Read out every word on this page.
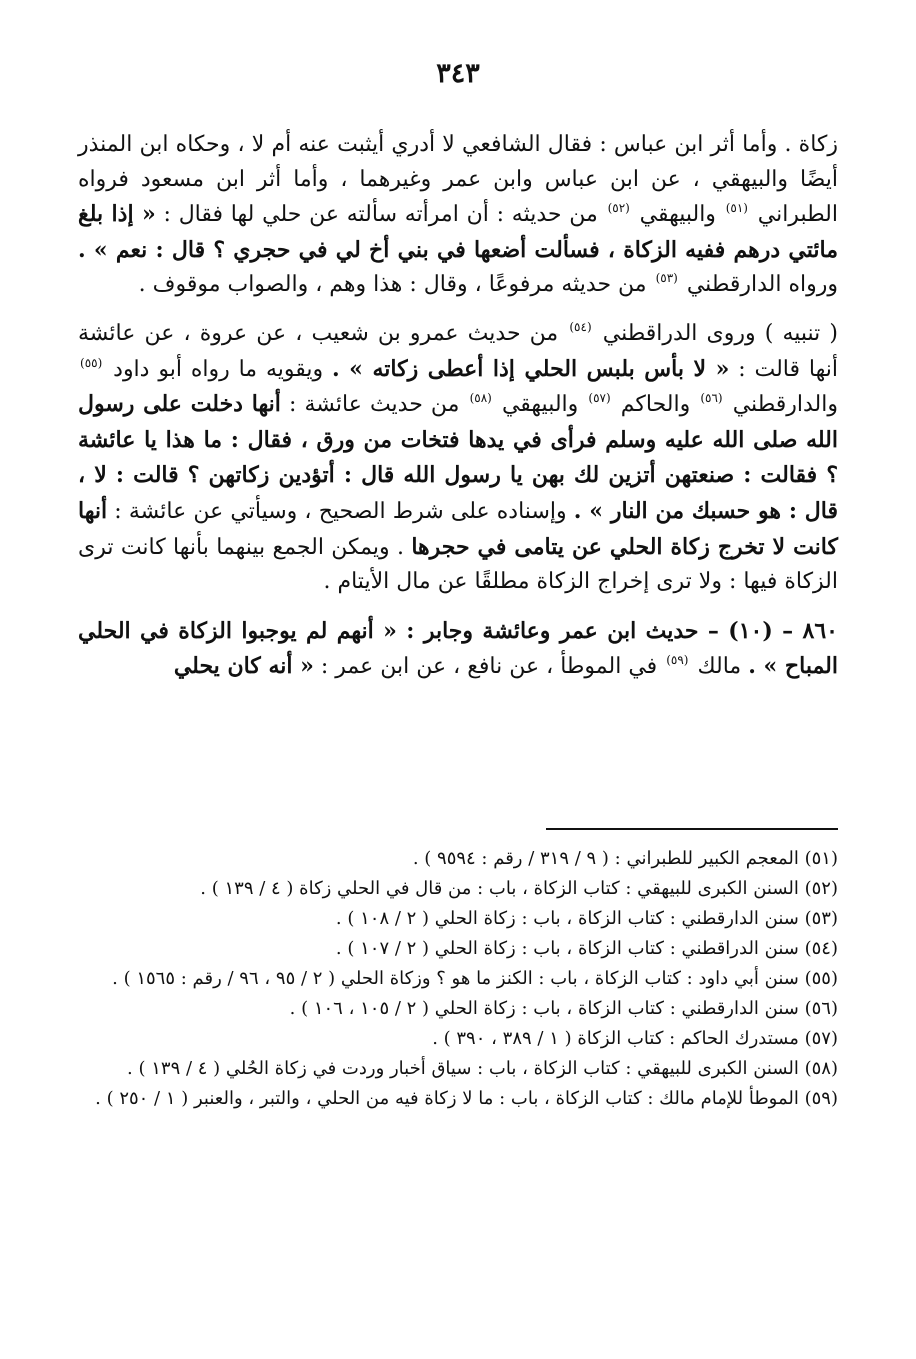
٣٤٣

زكاة . وأما أثر ابن عباس : فقال الشافعي لا أدري أيثبت عنه أم لا ، وحكاه ابن المنذر أيضًا والبيهقي ، عن ابن عباس وابن عمر وغيرهما ، وأما أثر ابن مسعود فرواه الطبراني $^{(٥١)}$ والبيهقي $^{(٥٢)}$ من حديثه : أن امرأته سألته عن حلي لها فقال : « إذا بلغ مائتي درهم ففيه الزكاة ، فسألت أضعها في بني أخ لي في حجري ؟ قال : نعم » . ورواه الدارقطني $^{(٥٣)}$ من حديثه مرفوعًا ، وقال : هذا وهم ، والصواب موقوف .

( تنبيه ) وروى الدراقطني $^{(٥٤)}$ من حديث عمرو بن شعيب ، عن عروة ، عن عائشة أنها قالت : « لا بأس بلبس الحلي إذا أعطى زكاته » . ويقويه ما رواه أبو داود $^{(٥٥)}$ والدارقطني $^{(٥٦)}$ والحاكم $^{(٥٧)}$ والبيهقي $^{(٥٨)}$ من حديث عائشة : أنها دخلت على رسول الله صلى الله عليه وسلم فرأى في يدها فتخات من ورق ، فقال : ما هذا يا عائشة ؟ فقالت : صنعتهن أتزين لك بهن يا رسول الله قال : أتؤدين زكاتهن ؟ قالت : لا ، قال : هو حسبك من النار » . وإسناده على شرط الصحيح ، وسيأتي عن عائشة : أنها كانت لا تخرج زكاة الحلي عن يتامى في حجرها . ويمكن الجمع بينهما بأنها كانت ترى الزكاة فيها : ولا ترى إخراج الزكاة مطلقًا عن مال الأيتام .

٨٦٠ – (١٠) – حديث ابن عمر وعائشة وجابر : « أنهم لم يوجبوا الزكاة في الحلي المباح » . مالك $^{(٥٩)}$ في الموطأ ، عن نافع ، عن ابن عمر : « أنه كان يحلي

(٥١) المعجم الكبير للطبراني : ( ٩ / ٣١٩ / رقم : ٩٥٩٤ ) .

(٥٢) السنن الكبرى للبيهقي : كتاب الزكاة ، باب : من قال في الحلي زكاة ( ٤ / ١٣٩ ) .

(٥٣) سنن الدارقطني : كتاب الزكاة ، باب : زكاة الحلي ( ٢ / ١٠٨ ) .

(٥٤) سنن الدراقطني : كتاب الزكاة ، باب : زكاة الحلي ( ٢ / ١٠٧ ) .

(٥٥) سنن أبي داود : كتاب الزكاة ، باب : الكنز ما هو ؟ وزكاة الحلي ( ٢ / ٩٥ ، ٩٦ / رقم : ١٥٦٥ ) .

(٥٦) سنن الدارقطني : كتاب الزكاة ، باب : زكاة الحلي ( ٢ / ١٠٥ ، ١٠٦ ) .

(٥٧) مستدرك الحاكم : كتاب الزكاة ( ١ / ٣٨٩ ، ٣٩٠ ) .

(٥٨) السنن الكبرى للبيهقي : كتاب الزكاة ، باب : سياق أخبار وردت في زكاة الحُلي ( ٤ / ١٣٩ ) .

(٥٩) الموطأ للإمام مالك : كتاب الزكاة ، باب : ما لا زكاة فيه من الحلي ، والتبر ، والعنبر ( ١ / ٢٥٠ ) .
